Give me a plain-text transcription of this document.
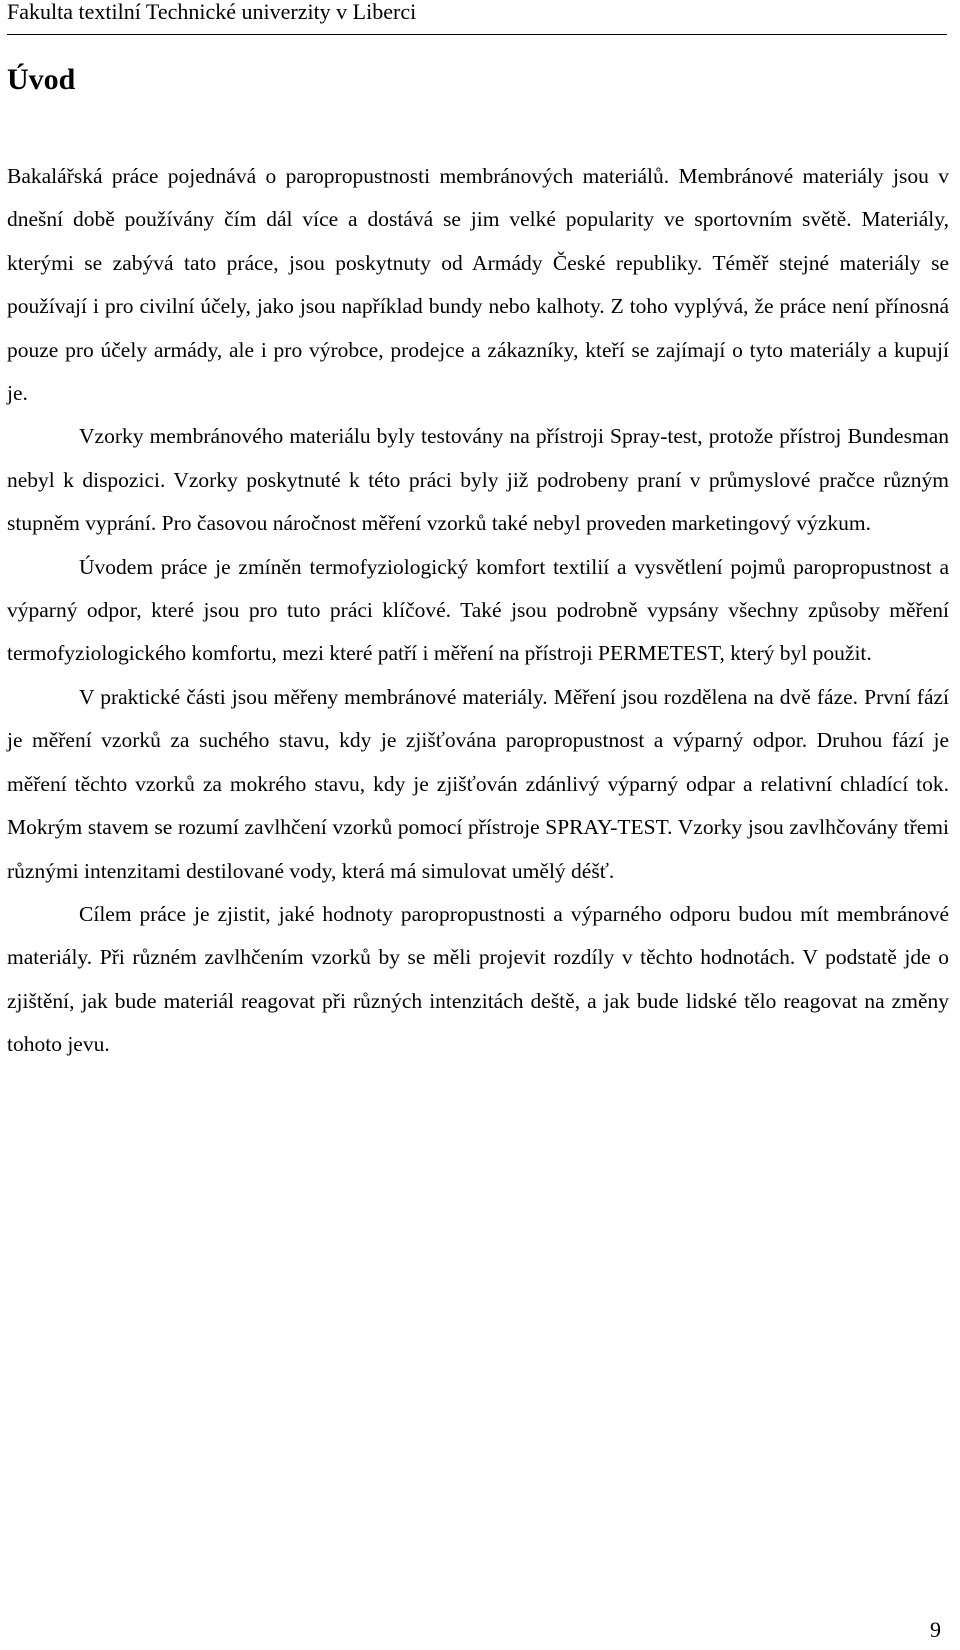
Fakulta textilní Technické univerzity v Liberci
Úvod

Bakalářská práce pojednává o paropropustnosti membránových materiálů. Membránové materiály jsou v dnešní době používány čím dál více a dostává se jim velké popularity ve sportovním světě. Materiály, kterými se zabývá tato práce, jsou poskytnuty od Armády České republiky. Téměř stejné materiály se používají i pro civilní účely, jako jsou například bundy nebo kalhoty. Z toho vyplývá, že práce není přínosná pouze pro účely armády, ale i pro výrobce, prodejce a zákazníky, kteří se zajímají o tyto materiály a kupují je.

Vzorky membránového materiálu byly testovány na přístroji Spray-test, protože přístroj Bundesman nebyl k dispozici. Vzorky poskytnuté k této práci byly již podrobeny praní v průmyslové pračce různým stupněm vyprání. Pro časovou náročnost měření vzorků také nebyl proveden marketingový výzkum.

Úvodem práce je zmíněn termofyziologický komfort textilií a vysvětlení pojmů paropropustnost a výparný odpor, které jsou pro tuto práci klíčové. Také jsou podrobně vypsány všechny způsoby měření termofyziologického komfortu, mezi které patří i měření na přístroji PERMETEST, který byl použit.

V praktické části jsou měřeny membránové materiály. Měření jsou rozdělena na dvě fáze. První fází je měření vzorků za suchého stavu, kdy je zjišťována paropropustnost a výparný odpor. Druhou fází je měření těchto vzorků za mokrého stavu, kdy je zjišťován zdánlivý výparný odpar a relativní chladící tok. Mokrým stavem se rozumí zavlhčení vzorků pomocí přístroje SPRAY-TEST. Vzorky jsou zavlhčovány třemi různými intenzitami destilované vody, která má simulovat umělý déšť.

Cílem práce je zjistit, jaké hodnoty paropropustnosti a výparného odporu budou mít membránové materiály. Při různém zavlhčením vzorků by se měli projevit rozdíly v těchto hodnotách. V podstatě jde o zjištění, jak bude materiál reagovat při různých intenzitách deště, a jak bude lidské tělo reagovat na změny tohoto jevu.

9
